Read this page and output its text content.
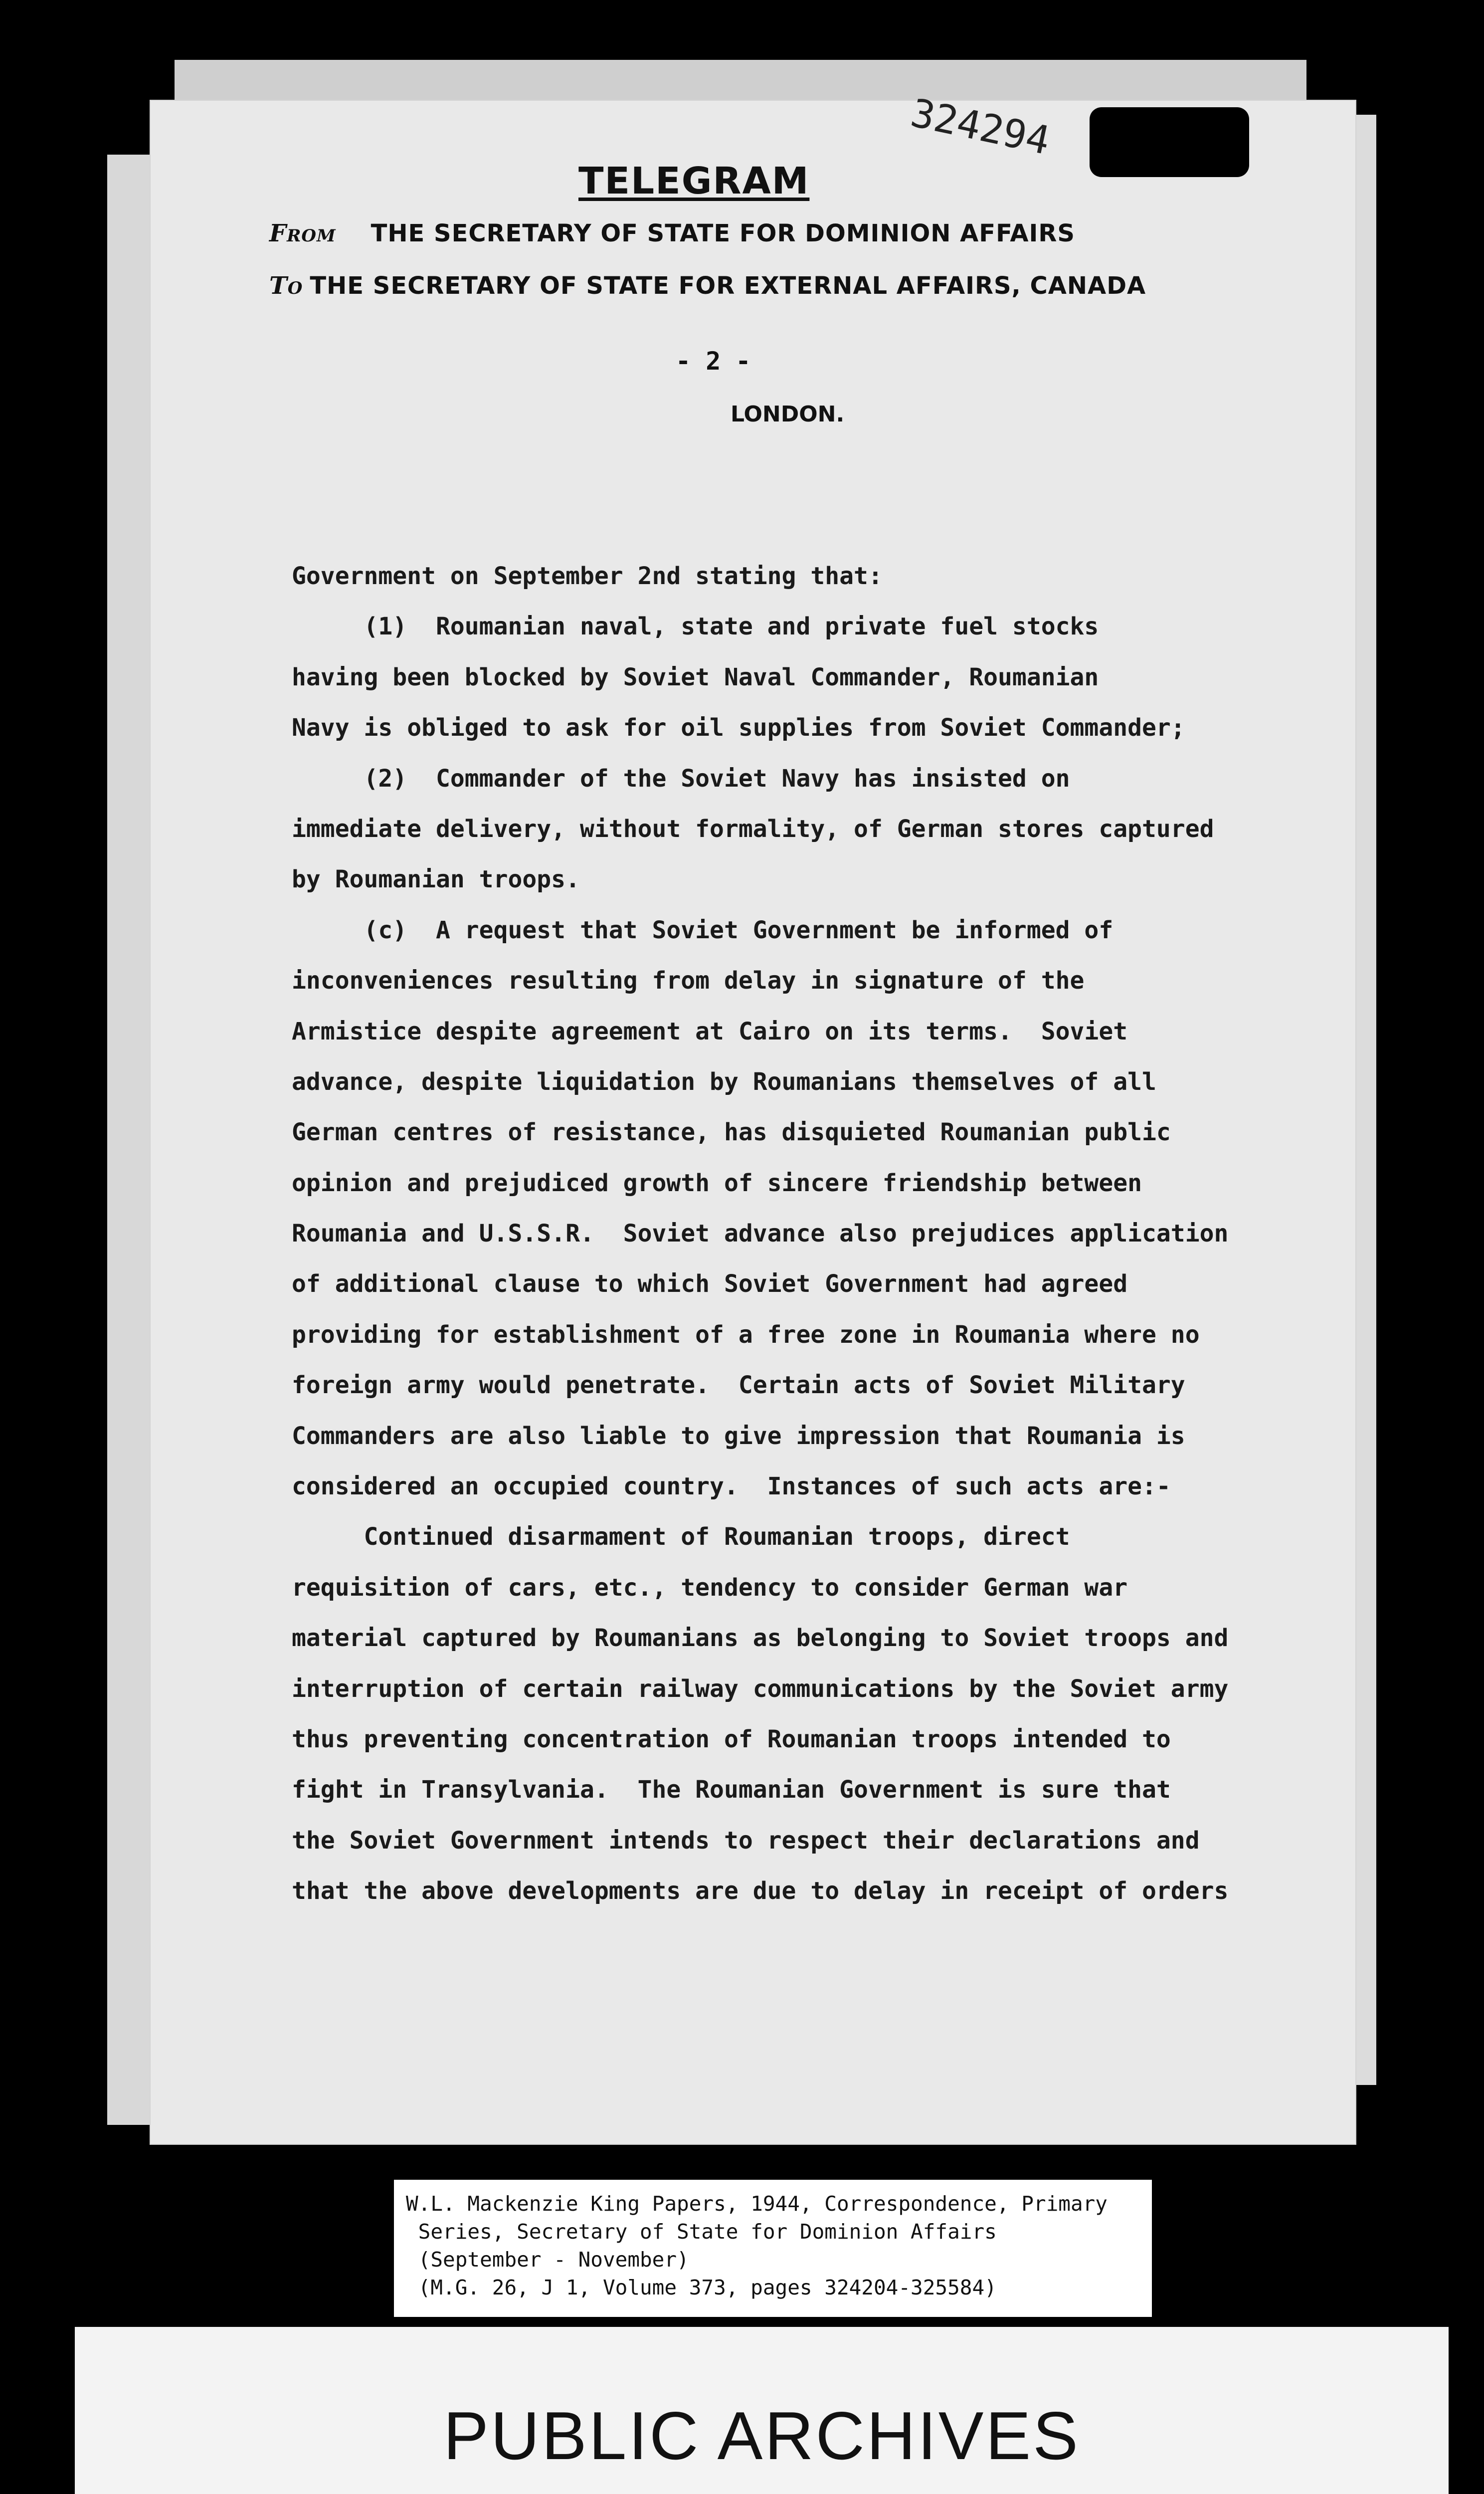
324294
TELEGRAM
From THE SECRETARY OF STATE FOR DOMINION AFFAIRS
To THE SECRETARY OF STATE FOR EXTERNAL AFFAIRS, CANADA
- 2 -
LONDON.
Government on September 2nd stating that:
(1)  Roumanian naval, state and private fuel stocks
having been blocked by Soviet Naval Commander, Roumanian
Navy is obliged to ask for oil supplies from Soviet Commander;
(2)  Commander of the Soviet Navy has insisted on
immediate delivery, without formality, of German stores captured
by Roumanian troops.
(c)  A request that Soviet Government be informed of
inconveniences resulting from delay in signature of the
Armistice despite agreement at Cairo on its terms.  Soviet
advance, despite liquidation by Roumanians themselves of all
German centres of resistance, has disquieted Roumanian public
opinion and prejudiced growth of sincere friendship between
Roumania and U.S.S.R.  Soviet advance also prejudices application
of additional clause to which Soviet Government had agreed
providing for establishment of a free zone in Roumania where no
foreign army would penetrate.  Certain acts of Soviet Military
Commanders are also liable to give impression that Roumania is
considered an occupied country.  Instances of such acts are:-
Continued disarmament of Roumanian troops, direct
requisition of cars, etc., tendency to consider German war
material captured by Roumanians as belonging to Soviet troops and
interruption of certain railway communications by the Soviet army
thus preventing concentration of Roumanian troops intended to
fight in Transylvania.  The Roumanian Government is sure that
the Soviet Government intends to respect their declarations and
that the above developments are due to delay in receipt of orders
W.L. Mackenzie King Papers, 1944, Correspondence, Primary
Series, Secretary of State for Dominion Affairs
(September - November)
(M.G. 26, J 1, Volume 373, pages 324204-325584)
PUBLIC ARCHIVES
